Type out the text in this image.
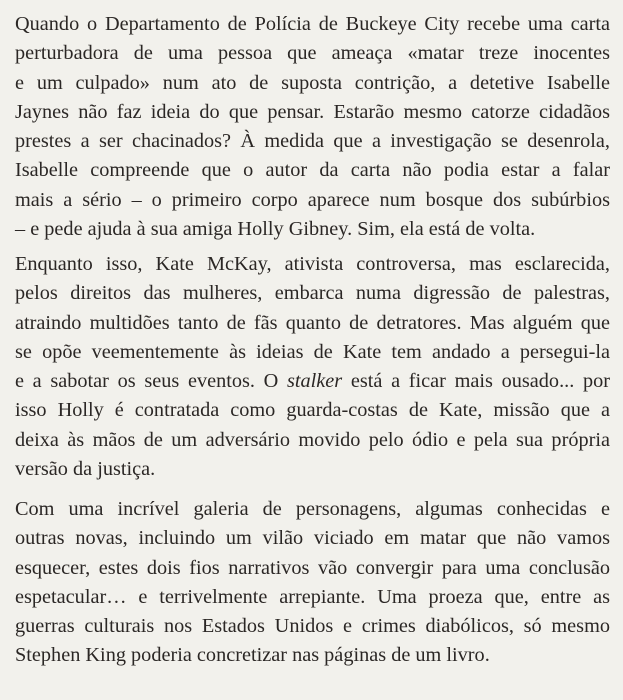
Quando o Departamento de Polícia de Buckeye City recebe uma carta
perturbadora de uma pessoa que ameaça «matar treze inocentes
e um culpado» num ato de suposta contrição, a detetive Isabelle
Jaynes não faz ideia do que pensar. Estarão mesmo catorze cidadãos
prestes a ser chacinados? À medida que a investigação se desenrola,
Isabelle compreende que o autor da carta não podia estar a falar
mais a sério – o primeiro corpo aparece num bosque dos subúrbios
– e pede ajuda à sua amiga Holly Gibney. Sim, ela está de volta.
Enquanto isso, Kate McKay, ativista controversa, mas esclarecida,
pelos direitos das mulheres, embarca numa digressão de palestras,
atraindo multidões tanto de fãs quanto de detratores. Mas alguém que
se opõe veementemente às ideias de Kate tem andado a persegui-la
e a sabotar os seus eventos. O stalker está a ficar mais ousado... por
isso Holly é contratada como guarda-costas de Kate, missão que a
deixa às mãos de um adversário movido pelo ódio e pela sua própria
versão da justiça.
Com uma incrível galeria de personagens, algumas conhecidas e
outras novas, incluindo um vilão viciado em matar que não vamos
esquecer, estes dois fios narrativos vão convergir para uma conclusão
espetacular… e terrivelmente arrepiante. Uma proeza que, entre as
guerras culturais nos Estados Unidos e crimes diabólicos, só mesmo
Stephen King poderia concretizar nas páginas de um livro.
